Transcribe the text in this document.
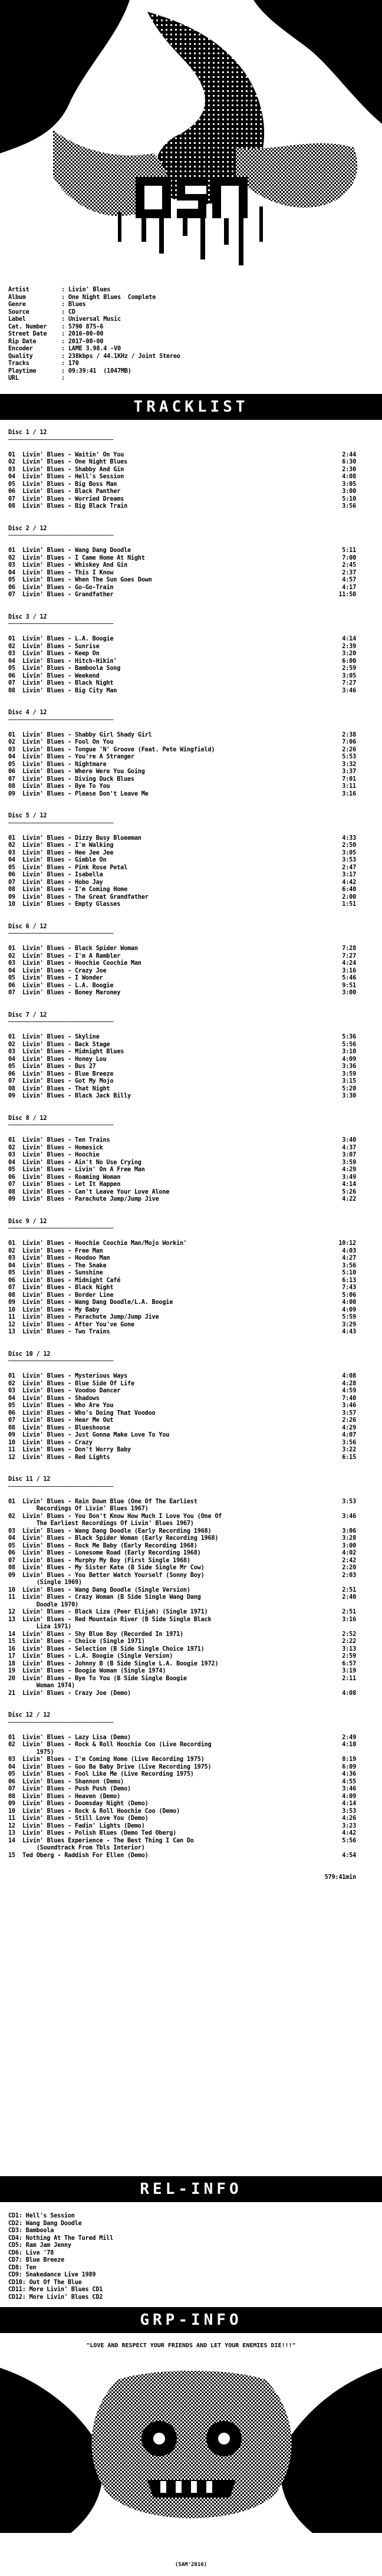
Artist	: Livin' Blues
Album	: One Night Blues  Complete
Genre	: Blues
Source	: CD
Label	: Universal Music
Cat. Number : 5790 875-6
Street Date : 2016-00-00
Rip Date	: 2017-00-00
Encoder	: LAME 3.98.4 -V0
Quality	: 238kbps / 44.1KHz / Joint Stereo
Tracks	: 170
Playtime	: 09:39:41  (1047MB)
URL	:
TRACKLIST
Disc 1 / 12
──────────────────────────────
01 Livin' Blues - Waitin' On You	2:44
02 Livin' Blues - One Night Blues	6:30
03 Livin' Blues - Shabby And Gin	2:30
04 Livin' Blues - Hell's Session	4:08
05 Livin' Blues - Big Boss Man	3:05
06 Livin' Blues - Black Panther	3:00
07 Livin' Blues - Worried Dreams	5:10
08 Livin' Blues - Big Black Train	3:56
Disc 2 / 12
──────────────────────────────
01 Livin' Blues - Wang Dang Doodle	5:11
02 Livin' Blues - I Came Home At Night	7:00
03 Livin' Blues - Whiskey And Gin	2:45
04 Livin' Blues - This I Know	2:37
05 Livin' Blues - When The Sun Goes Down	4:57
06 Livin' Blues - Go-Go-Train	4:17
07 Livin' Blues - Grandfather	11:50
Disc 3 / 12
──────────────────────────────
01 Livin' Blues - L.A. Boogie	4:14
02 Livin' Blues - Sunrise	2:39
03 Livin' Blues - Keep On	3:20
04 Livin' Blues - Hitch-Hikin'	6:00
05 Livin' Blues - Bamboola Song	2:59
06 Livin' Blues - Weekend	3:05
07 Livin' Blues - Black Night	7:27
08 Livin' Blues - Big City Man	3:46
Disc 4 / 12
──────────────────────────────
01 Livin' Blues - Shabby Girl Shady Girl	2:38
02 Livin' Blues - Fool On You	7:06
03 Livin' Blues - Tongue 'N' Groove (Feat. Pete Wingfield)	2:26
04 Livin' Blues - You're A Stranger	5:53
05 Livin' Blues - Nightmare	3:32
06 Livin' Blues - Where Were You Going	3:37
07 Livin' Blues - Diving Duck Blues	7:01
08 Livin' Blues - Bye To You	3:11
09 Livin' Blues - Please Don't Leave Me	3:16
Disc 5 / 12
──────────────────────────────
01 Livin' Blues - Dizzy Busy Blueeman	4:33
02 Livin' Blues - I'm Walking	2:50
03 Livin' Blues - Hee Jee Jee	3:05
04 Livin' Blues - Gimble On	3:53
05 Livin' Blues - Pink Rose Petal	2:47
06 Livin' Blues - Isabella	3:17
07 Livin' Blues - Hobo Jay	4:42
08 Livin' Blues - I'm Coming Home	6:40
09 Livin' Blues - The Great Grandfather	2:00
10 Livin' Blues - Empty Glasses	1:51
Disc 6 / 12
──────────────────────────────
01 Livin' Blues - Black Spider Woman	7:28
02 Livin' Blues - I'm A Rambler	7:27
03 Livin' Blues - Hoochie Coochie Man	4:24
04 Livin' Blues - Crazy Joe	3:16
05 Livin' Blues - I Wonder	5:46
06 Livin' Blues - L.A. Boogie	9:51
07 Livin' Blues - Boney Maroney	3:00
Disc 7 / 12
──────────────────────────────
01 Livin' Blues - Skyline	5:36
02 Livin' Blues - Back Stage	5:56
03 Livin' Blues - Midnight Blues	3:10
04 Livin' Blues - Honey Lou	4:09
05 Livin' Blues - Bus 27	3:36
06 Livin' Blues - Blue Breeze	3:59
07 Livin' Blues - Got My Mojo	3:15
08 Livin' Blues - That Night	5:20
09 Livin' Blues - Black Jack Billy	3:30
Disc 8 / 12
──────────────────────────────
01 Livin' Blues - Ten Trains	3:40
02 Livin' Blues - Homesick	4:37
03 Livin' Blues - Hoochie	3:07
04 Livin' Blues - Ain't No Use Crying	3:59
05 Livin' Blues - Livin' On A Free Man	4:29
06 Livin' Blues - Roaming Woman	3:49
07 Livin' Blues - Let It Happen	4:14
08 Livin' Blues - Can't Leave Your Love Alone	5:26
09 Livin' Blues - Parachute Jump/Jump Jive	4:22
Disc 9 / 12
──────────────────────────────
01 Livin' Blues - Hoochie Coochie Man/Mojo Workin'	10:12
02 Livin' Blues - Free Man	4:03
03 Livin' Blues - Hoodoo Man	4:27
04 Livin' Blues - The Snake	3:56
05 Livin' Blues - Sunshine	5:10
06 Livin' Blues - Midnight Café	6:13
07 Livin' Blues - Black Night	7:43
08 Livin' Blues - Border Line	5:06
09 Livin' Blues - Wang Dang Doodle/L.A. Boogie	4:00
10 Livin' Blues - My Baby	4:09
11 Livin' Blues - Parachute Jump/Jump Jive	5:59
12 Livin' Blues - After You've Gone	3:29
13 Livin' Blues - Two Trains	4:43
Disc 10 / 12
──────────────────────────────
01 Livin' Blues - Mysterious Ways	4:08
02 Livin' Blues - Blue Side Of Life	4:28
03 Livin' Blues - Voodoo Dancer	4:59
04 Livin' Blues - Shadows	7:40
05 Livin' Blues - Who Are You	3:46
06 Livin' Blues - Who's Doing That Voodoo	3:57
07 Livin' Blues - Hear Me Out	2:26
08 Livin' Blues - Blueshouse	4:29
09 Livin' Blues - Just Gonna Make Love To You	4:07
10 Livin' Blues - Crazy	3:56
11 Livin' Blues - Don't Worry Baby	3:22
12 Livin' Blues - Red Lights	6:15
Disc 11 / 12
──────────────────────────────
01 Livin' Blues - Rain Down Blue (One Of The Earliest	3:53
Recordings Of Livin' Blues 1967)
02 Livin' Blues - You Don't Know How Much I Love You (One Of	3:46
The Earliest Recordings Of Livin' Blues 1967)
03 Livin' Blues - Wang Dang Doodle (Early Recording 1968)	3:06
04 Livin' Blues - Black Spider Woman (Early Recording 1968)	3:28
05 Livin' Blues - Rock Me Baby (Early Recording 1968)	3:00
06 Livin' Blues - Lonesome Road (Early Recording 1968)	4:02
07 Livin' Blues - Murphy My Boy (First Single 1968)	2:42
08 Livin' Blues - My Sister Kate (B Side Single Mr Cow)	2:20
09 Livin' Blues - You Better Watch Yourself (Sonny Boy)	2:03
(Single 1969)
10 Livin' Blues - Wang Dang Doodle (Single Version)	2:51
11 Livin' Blues - Crazy Woman (B Side Single Wang Dang	2:40
Doodle 1970)
12 Livin' Blues - Black Liza (Peer Elijah) (Single 1971)	2:51
13 Livin' Blues - Red Mountain River (B Side Single Black	3:16
Liza 1971)
14 Livin' Blues - Shy Blue Boy (Recorded In 1971)	2:52
15 Livin' Blues - Choice (Single 1971)	2:22
16 Livin' Blues - Selection (B Side Single Choice 1971)	3:13
17 Livin' Blues - L.A. Boogie (Single Version)	2:59
18 Livin' Blues - Johnny B (B Side Single L.A. Boogie 1972)	6:57
19 Livin' Blues - Boogie Woman (Single 1974)	3:19
20 Livin' Blues - Bye To You (B Side Single Boogie	2:11
Woman 1974)
21 Livin' Blues - Crazy Joe (Demo)	4:08
Disc 12 / 12
──────────────────────────────
01 Livin' Blues - Lazy Lisa (Demo)	2:49
02 Livin' Blues - Rock & Roll Hoochie Coo (Live Recording	4:10
1975)
03 Livin' Blues - I'm Coming Home (Live Recording 1975)	8:19
04 Livin' Blues - Goo Ba Baby Drive (Live Recording 1975)	6:09
05 Livin' Blues - Fool Like Me (Live Recording 1975)	4:36
06 Livin' Blues - Shannon (Demo)	4:55
07 Livin' Blues - Push Push (Demo)	3:46
08 Livin' Blues - Heaven (Demo)	4:09
09 Livin' Blues - Doomsday Night (Demo)	4:14
10 Livin' Blues - Rock & Roll Hoochie Coo (Demo)	3:53
11 Livin' Blues - Still Love You (Demo)	4:26
12 Livin' Blues - Fadin' Lights (Demo)	3:23
13 Livin' Blues - Polish Blues (Demo Ted Oberg)	4:42
14 Livin' Blues Experience - The Best Thing I Can Do	5:56
(Soundtrack From Tbls Interior)
15 Ted Oberg - Raddish For Ellen (Demo)	4:54
579:41min
REL-INFO
CD1: Hell's Session
CD2: Wang Dang Doodle
CD3: Bamboola
CD4: Nothing At The Tured Mill
CD5: Ram Jam Jenny
CD6: Live '78
CD7: Blue Breeze
CD8: Ten
CD9: Snakedance Live 1989
CD10: Out Of The Blue
CD11: More Livin' Blues CD1
CD12: More Livin' Blues CD2
GRP-INFO
"LOVE AND RESPECT YOUR FRIENDS AND LET YOUR ENEMIES DIE!!!"
(SAM'2016)
